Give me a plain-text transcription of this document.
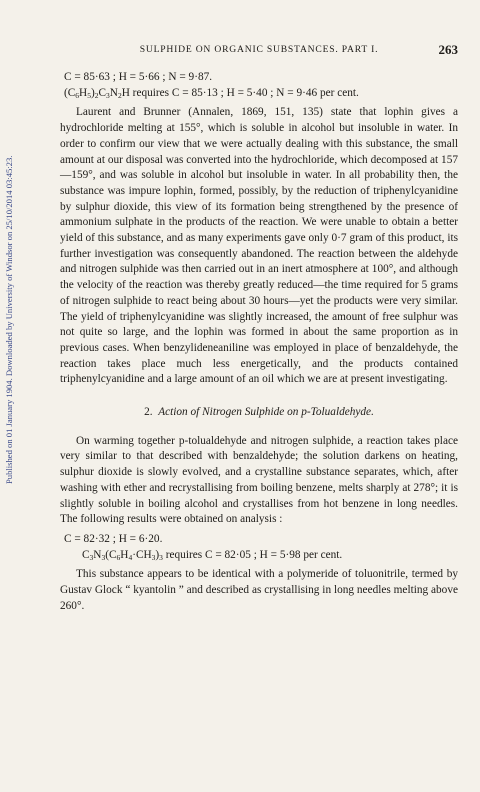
Published on 01 January 1904. Downloaded by University of Windsor on 25/10/2014 03:45:23.
SULPHIDE ON ORGANIC SUBSTANCES. PART I.	263
C = 85·63 ; H = 5·66 ; N = 9·87.
$(C_6H_5)_2C_3N_2H$ requires C = 85·13 ; H = 5·40 ; N = 9·46 per cent.

Laurent and Brunner (Annalen, 1869, 151, 135) state that lophin gives a hydrochloride melting at 155°, which is soluble in alcohol but insoluble in water. In order to confirm our view that we were actually dealing with this substance, the small amount at our disposal was converted into the hydrochloride, which decomposed at 157—159°, and was soluble in alcohol but insoluble in water. In all probability then, the substance was impure lophin, formed, possibly, by the reduction of triphenylcyanidine by sulphur dioxide, this view of its formation being strengthened by the presence of ammonium sulphate in the products of the reaction. We were unable to obtain a better yield of this substance, and as many experiments gave only 0·7 gram of this product, its further investigation was consequently abandoned. The reaction between the aldehyde and nitrogen sulphide was then carried out in an inert atmosphere at 100°, and although the velocity of the reaction was thereby greatly reduced—the time required for 5 grams of nitrogen sulphide to react being about 30 hours—yet the products were very similar. The yield of triphenylcyanidine was slightly increased, the amount of free sulphur was not quite so large, and the lophin was formed in about the same proportion as in previous cases. When benzylideneaniline was employed in place of benzaldehyde, the reaction takes place much less energetically, and the products contained triphenylcyanidine and a large amount of an oil which we are at present investigating.

2. Action of Nitrogen Sulphide on p-Tolualdehyde.

On warming together p-tolualdehyde and nitrogen sulphide, a reaction takes place very similar to that described with benzaldehyde; the solution darkens on heating, sulphur dioxide is slowly evolved, and a crystalline substance separates, which, after washing with ether and recrystallising from boiling benzene, melts sharply at 278°; it is slightly soluble in boiling alcohol and crystallises from hot benzene in long needles. The following results were obtained on analysis :

C = 82·32 ; H = 6·20.
$C_3N_3(C_6H_4\cdot CH_3)_3$ requires C = 82·05 ; H = 5·98 per cent.

This substance appears to be identical with a polymeride of toluonitrile, termed by Gustav Glock “ kyantolin ” and described as crystallising in long needles melting above 260°.
